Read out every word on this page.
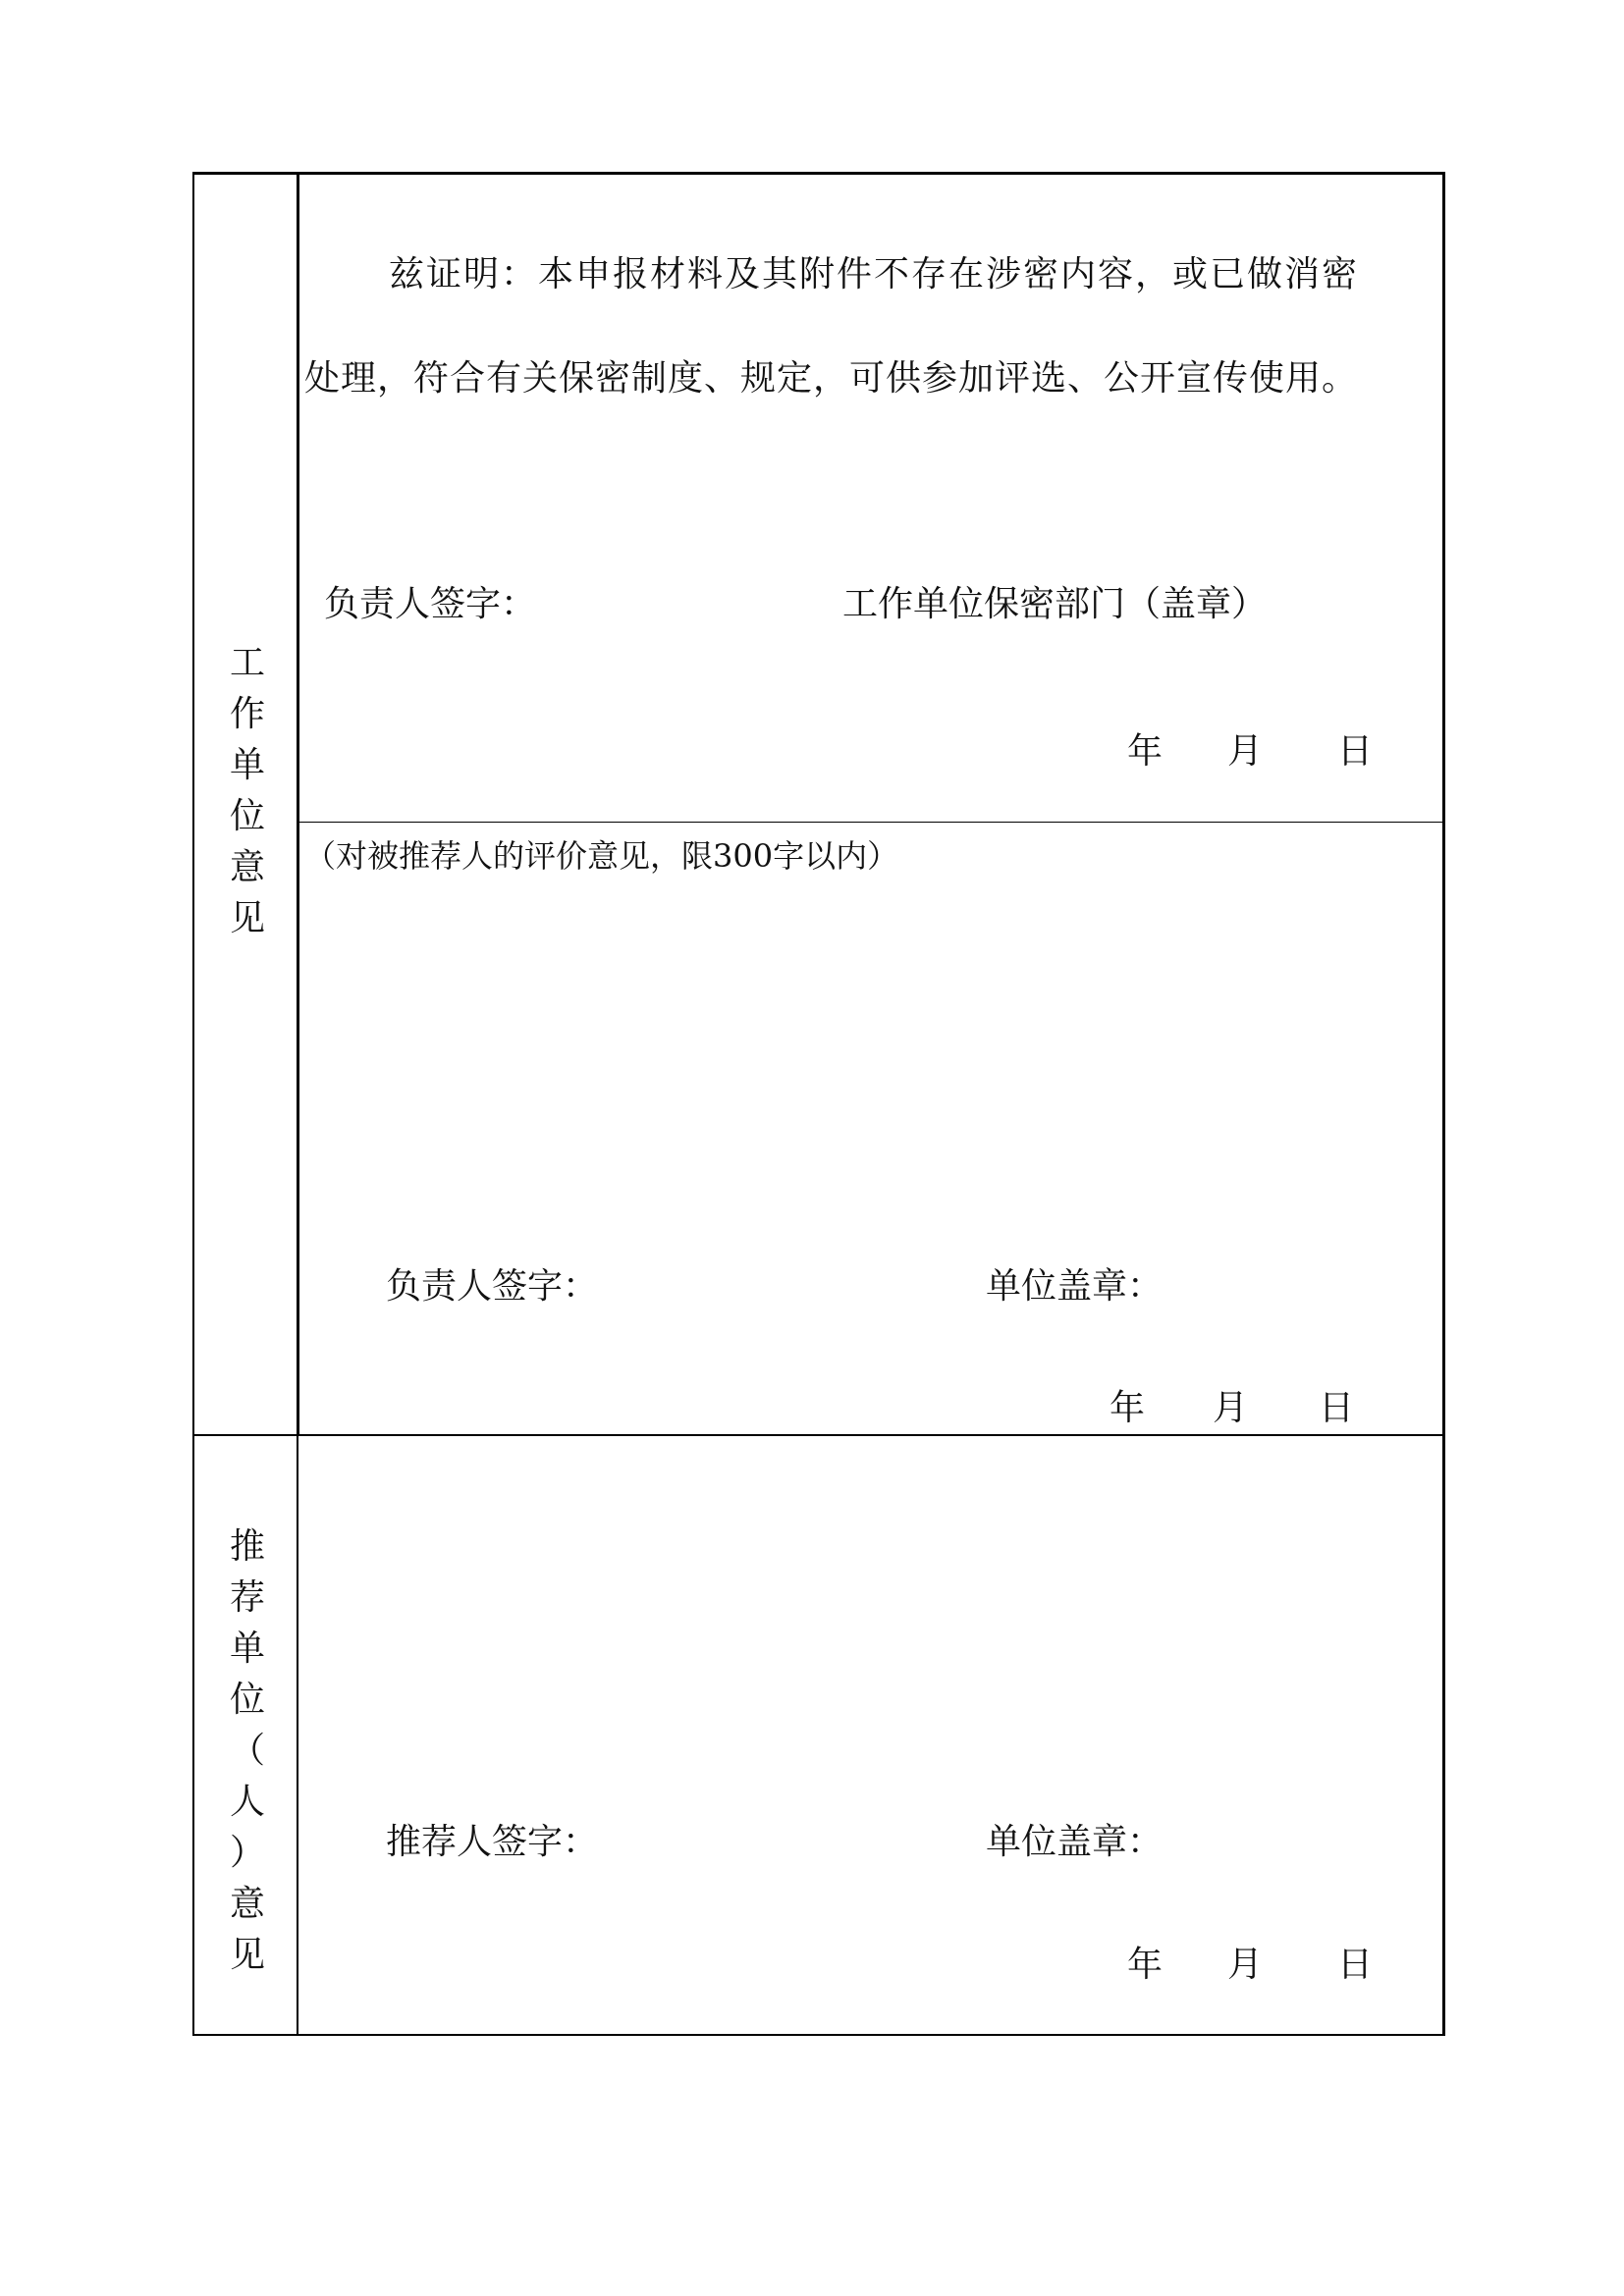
工
作
单
位
意
见
兹证明：本申报材料及其附件不存在涉密内容，或已做消密
处理，符合有关保密制度、规定，可供参加评选、公开宣传使用。
负责人签字：	工作单位保密部门（盖章）
年 月 日
（对被推荐人的评价意见，限300字以内）
负责人签字：	单位盖章：
年 月 日
推
荐
单
位
（
人
）
意
见
推荐人签字：	单位盖章：
年 月 日
